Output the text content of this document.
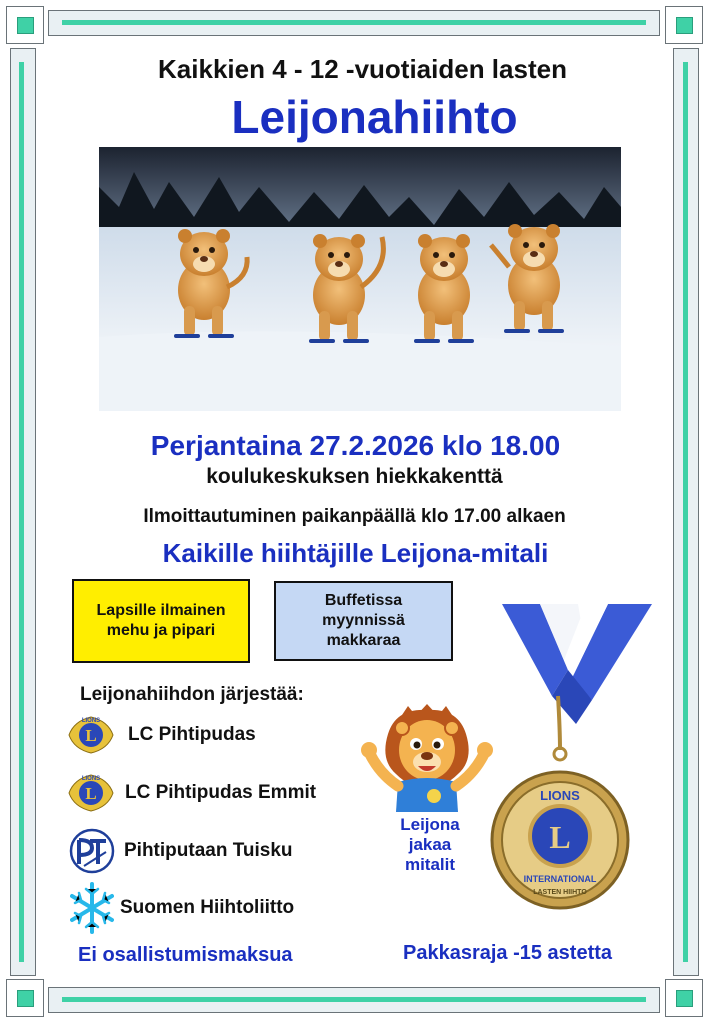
Kaikkien 4 - 12 -vuotiaiden lasten
Leijonahiihto
Perjantaina 27.2.2026 klo 18.00
koulukeskuksen hiekkakenttä
Ilmoittautuminen paikanpäällä klo 17.00 alkaen
Kaikille hiihtäjille Leijona-mitali
Lapsille ilmainen
mehu ja pipari
Buffetissa
myynnissä
makkaraa
Leijonahiihdon järjestää:
L
LIONS
LC Pihtipudas
L
LIONS
LC Pihtipudas Emmit
Pihtiputaan Tuisku
Suomen Hiihtoliitto
Leijona
jakaa
mitalit
L
LIONS
INTERNATIONAL
LASTEN HIIHTO
Ei osallistumismaksua	Pakkasraja -15 astetta
